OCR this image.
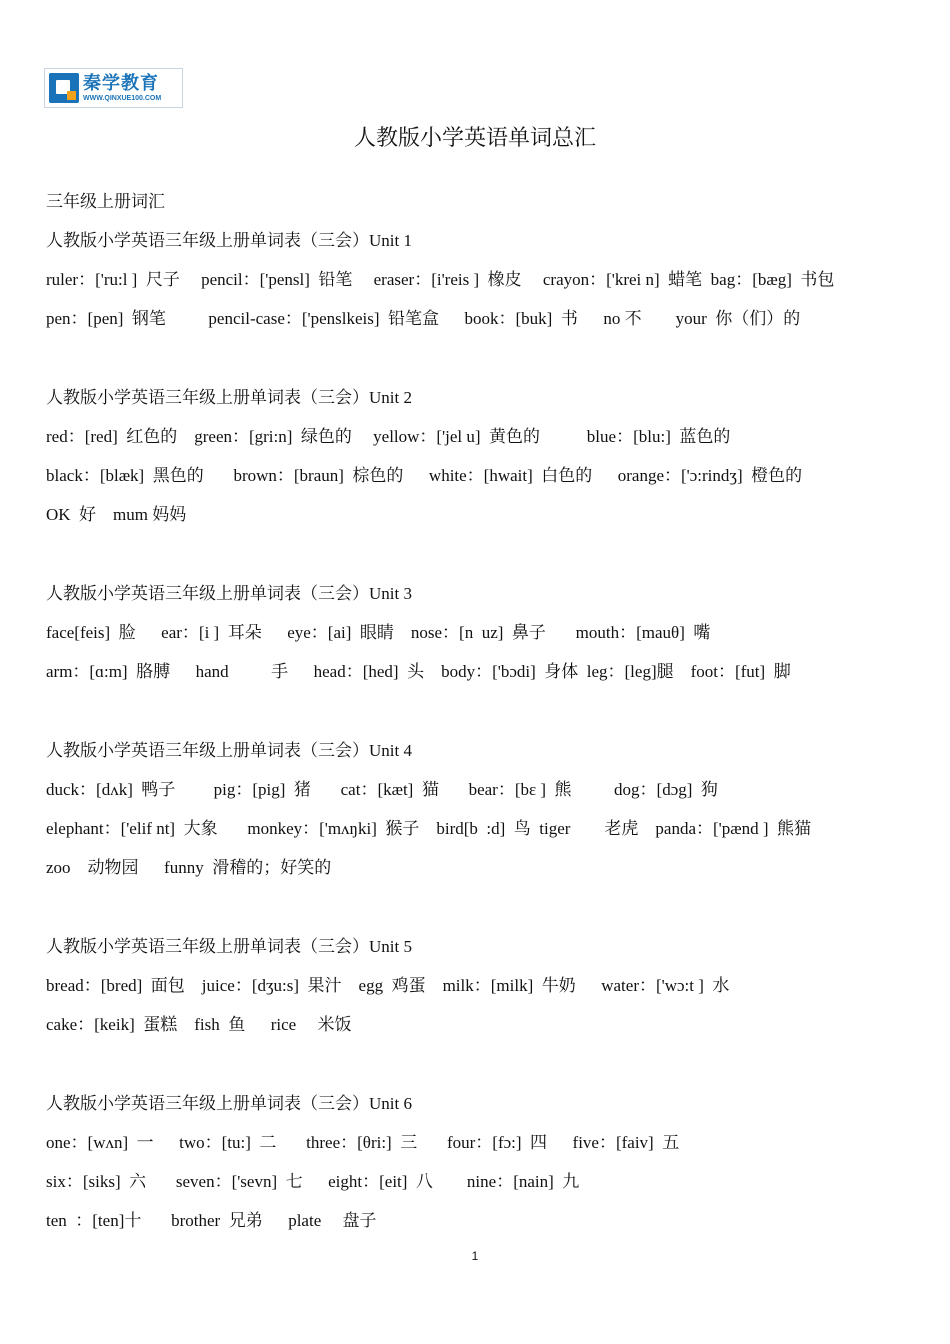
秦学教育
WWW.QINXUE100.COM
人教版小学英语单词总汇
三年级上册词汇
人教版小学英语三年级上册单词表（三会）Unit 1
ruler：['ru:l ]  尺子     pencil：['pensl]  铅笔     eraser：[i'reis ]  橡皮     crayon：['krei n]  蜡笔  bag：[bæg]  书包
pen：[pen]  钢笔          pencil-case：['penslkeis]  铅笔盒      book：[buk]  书      no 不        your  你（们）的
人教版小学英语三年级上册单词表（三会）Unit 2
red：[red]  红色的    green：[gri:n]  绿色的     yellow：['jel u]  黄色的           blue：[blu:]  蓝色的
black：[blæk]  黑色的       brown：[braun]  棕色的      white：[hwait]  白色的      orange：['ɔ:rindʒ]  橙色的
OK  好    mum 妈妈
人教版小学英语三年级上册单词表（三会）Unit 3
face[feis]  脸      ear：[i ]  耳朵      eye：[ai]  眼睛    nose：[n  uz]  鼻子       mouth：[mauθ]  嘴
arm：[ɑ:m]  胳膊      hand          手      head：[hed]  头    body：['bɔdi]  身体  leg：[leg]腿    foot：[fut]  脚
人教版小学英语三年级上册单词表（三会）Unit 4
duck：[dʌk]  鸭子         pig：[pig]  猪       cat：[kæt]  猫       bear：[bɛ ]  熊          dog：[dɔg]  狗
elephant：['elif nt]  大象       monkey：['mʌŋki]  猴子    bird[b  :d]  鸟  tiger        老虎    panda：['pænd ]  熊猫
zoo    动物园      funny  滑稽的；好笑的
人教版小学英语三年级上册单词表（三会）Unit 5
bread：[bred]  面包    juice：[dʒu:s]  果汁    egg  鸡蛋    milk：[milk]  牛奶      water：['wɔ:t ]  水
cake：[keik]  蛋糕    fish  鱼      rice     米饭
人教版小学英语三年级上册单词表（三会）Unit 6
one：[wʌn]  一      two：[tu:]  二       three：[θri:]  三       four：[fɔ:]  四      five：[faiv]  五
six：[siks]  六       seven：['sevn]  七      eight：[eit]  八        nine：[nain]  九
ten  ：[ten]十       brother  兄弟      plate     盘子
1
